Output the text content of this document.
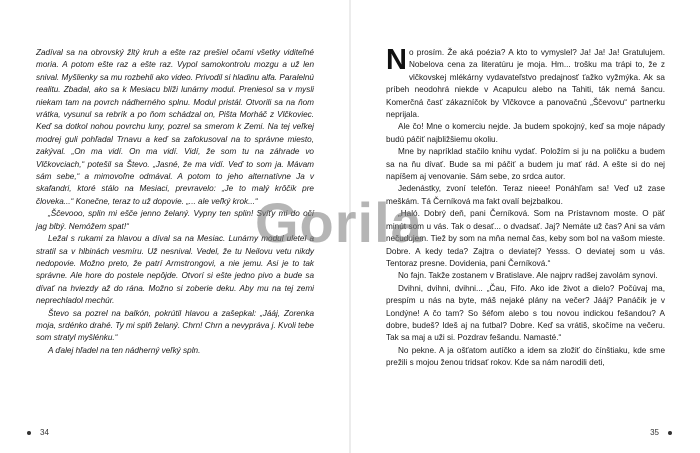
Zadíval sa na obrovský žltý kruh a ešte raz prešiel očami všetky viditeľné moria. A potom ešte raz a ešte raz. Vypol samokontrolu mozgu a už len snival. Myšlienky sa mu rozbehli ako video. Privodil si hladinu alfa. Paralelnú realitu. Zbadal, ako sa k Mesiacu blíži lunárny modul. Preniesol sa v mysli niekam tam na povrch nádherného splnu. Modul pristál. Otvorili sa na ňom vrátka, vysunul sa rebrík a po ňom schádzal on, Pišta Morháč z Vlčkoviec. Keď sa dotkol nohou povrchu luny, pozrel sa smerom k Zemi. Na tej veľkej modrej guli pohľadal Trnavu a keď sa zafokusoval na to správne miesto, zakýval. „On ma vidí. On ma vidí. Vidí, že som tu na záhrade vo Vlčkovciach,“ potešil sa Števo. „Jasné, že ma vidí. Veď to som ja. Mávam sám sebe,“ a mimovoľne odmával. A potom to jeho alternatívne Ja v skafandri, ktoré stálo na Mesiaci, prevravelo: „Je to malý krôčik pre človeka...“ Konečne, teraz to už dopovie. „... ale veľký krok...“

„Ščevooo, splin mi ešče jenno želaný. Vypny ten splin! Svíťy mi do očí jag blbý. Nemóžem spat!“

Ležal s rukami za hlavou a díval sa na Mesiac. Lunárny modul uletel a stratil sa v hlbinách vesmíru. Už nesnival. Vedel, že tu Neilovu vetu nikdy nedopovie. Možno preto, že patrí Armstrongovi, a nie jemu. Asi je to tak správne. Ale hore do postele nepôjde. Otvorí si ešte jedno pivo a bude sa dívať na hviezdy až do rána. Možno si zoberie deku. Aby mu na tej zemi neprechladol mechúr.

Števo sa pozrel na balkón, pokrútil hlavou a zašepkal: „Jááj, Zorenka moja, srdénko drahé. Ty mi splň želaný. Chrn! Chrn a nevypráva j. Kvoli tebe som stratyl myšlénku.“

A ďalej hľadel na ten nádherný veľký spln.

34

No prosím. Že aká poézia? A kto to vymyslel? Ja! Ja! Ja! Gratulujem. Nobelova cena za literatúru je moja. Hm... trošku ma trápi to, že z vlčkovskej mlékárny vydavateľstvo predajnosť ťažko vyžmýka. Ak sa príbeh neodohrá niekde v Acapulcu alebo na Tahiti, ták nemá šancu. Komerčná časť zákazníčok by Vlčkovce a panovačnú „Ščevovu“ partnerku neprijala.

Ale čo! Mne o komerciu nejde. Ja budem spokojný, keď sa moje nápady budú páčiť najbližšiemu okoliu.

Mne by napríklad stačilo knihu vydať. Položím si ju na poličku a budem sa na ňu dívať. Bude sa mi páčiť a budem ju mať rád. A ešte si do nej napíšem aj venovanie. Sám sebe, zo srdca autor.

Jedenástky, zvoní telefón. Teraz nieee! Ponáhľam sa! Veď už zase meškám. Tá Černíková ma fakt ovalí bejzbalkou.

„Haló. Dobrý deň, pani Černíková. Som na Prístavnom moste. O päť minút som u vás. Tak o desať... o dvadsať. Jaj? Nemáte už čas? Ani sa vám nečudujem. Tiež by som na mňa nemal čas, keby som bol na vašom mieste. Dobre. A kedy teda? Zajtra o deviatej? Yesss. O deviatej som u vás. Tentoraz presne. Dovidenia, pani Černíková.“

No fajn. Takže zostanem v Bratislave. Ale najprv radšej zavolám synovi.

Dvihni, dvihni, dvihni... „Čau, Fifo. Ako ide život a dielo? Počúvaj ma, prespím u nás na byte, máš nejaké plány na večer? Jááj? Panáčik je v Londýne! A čo tam? So šéfom alebo s tou novou indickou fešandou? A dobre, budeš? Ideš aj na futbal? Dobre. Keď sa vrátiš, skočíme na večeru. Tak sa maj a uži si. Pozdrav fešandu. Namasté.“

No pekne. A ja ošťatom autíčko a idem sa zložiť do čínštiaku, kde sme prežili s mojou ženou tridsať rokov. Kde sa nám narodili deti,

35
Gorila
